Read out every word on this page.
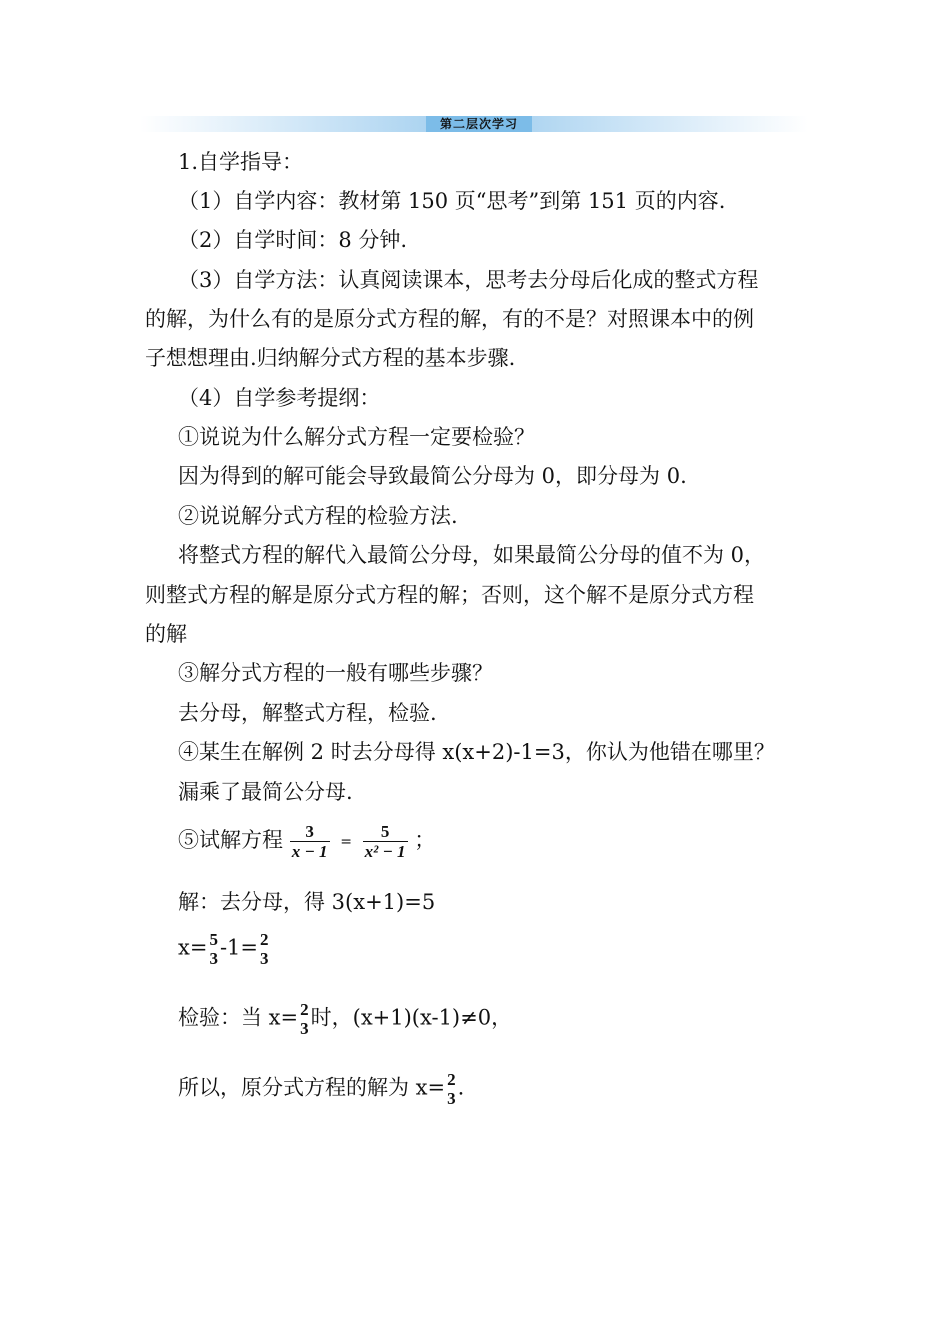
第二层次学习
1.自学指导：
（1）自学内容：教材第 150 页“思考”到第 151 页的内容.
（2）自学时间：8 分钟.
（3）自学方法：认真阅读课本，思考去分母后化成的整式方程
的解，为什么有的是原分式方程的解，有的不是？对照课本中的例
子想想理由.归纳解分式方程的基本步骤.
（4）自学参考提纲：
①说说为什么解分式方程一定要检验？
因为得到的解可能会导致最简公分母为 0，即分母为 0.
②说说解分式方程的检验方法.
将整式方程的解代入最简公分母，如果最简公分母的值不为 0，
则整式方程的解是原分式方程的解；否则，这个解不是原分式方程
的解
③解分式方程的一般有哪些步骤？
去分母，解整式方程，检验.
④某生在解例 2 时去分母得 x(x+2)-1=3，你认为他错在哪里？
漏乘了最简公分母.
⑤试解方程 $\frac{3}{x - 1} = \frac{5}{\text{x² − 1}}$ ；
解：去分母，得 3(x+1)=5
x= 5
3 -1= 2
3
检验：当 x= 2
3 时，(x+1)(x-1)≠0，
所以，原分式方程的解为 x= 2
3 .
